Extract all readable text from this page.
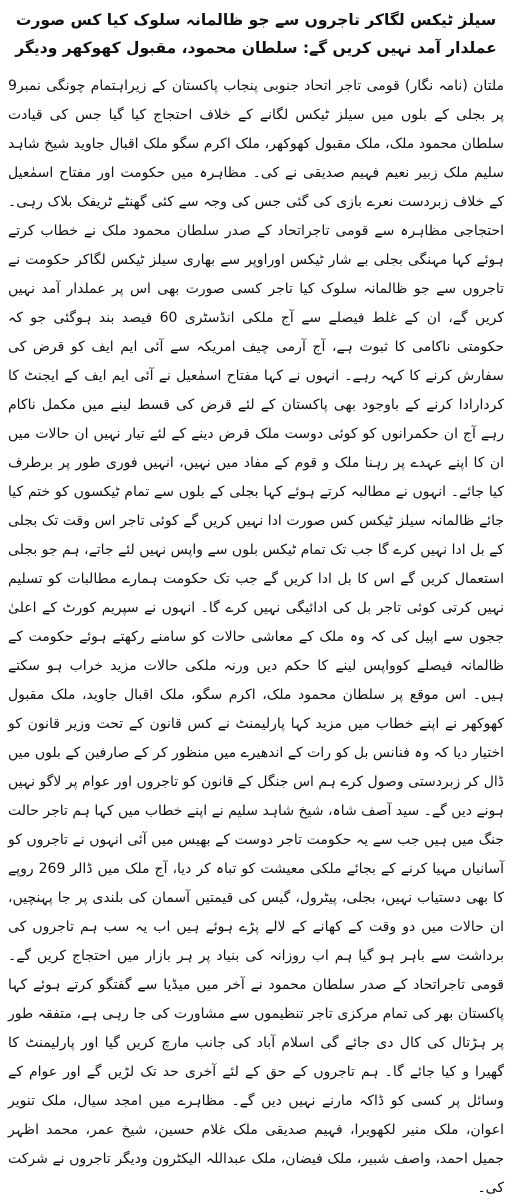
سیلز ٹیکس لگاکر تاجروں سے جو ظالمانہ سلوک کیا کس صورت عملدار آمد نہیں کریں گے: سلطان محمود، مقبول کھوکھر ودیگر

ملتان (نامہ نگار) قومی تاجر اتحاد جنوبی پنجاب پاکستان کے زیراہتمام چونگی نمبر9 پر بجلی کے بلوں میں سیلز ٹیکس لگانے کے خلاف احتجاج کیا گیا جس کی قیادت سلطان محمود ملک، ملک مقبول کھوکھر، ملک اکرم سگو ملک اقبال جاوید شیخ شاہد سلیم ملک زبیر نعیم فہیم صدیقی نے کی۔ مظاہرہ میں حکومت اور مفتاح اسمٰعیل کے خلاف زبردست نعرے بازی کی گئی جس کی وجہ سے کئی گھنٹے ٹریفک بلاک رہی۔ احتجاجی مظاہرہ سے قومی تاجراتحاد کے صدر سلطان محمود ملک نے خطاب کرتے ہوئے کہا مہنگی بجلی بے شار ٹیکس اوراوپر سے بھاری سیلز ٹیکس لگاکر حکومت نے تاجروں سے جو ظالمانہ سلوک کیا تاجر کسی صورت بھی اس پر عملدار آمد نہیں کریں گے، ان کے غلط فیصلے سے آج ملکی انڈسٹری 60 فیصد بند ہوگئی جو کہ حکومتی ناکامی کا ثبوت ہے، آج آرمی چیف امریکہ سے آئی ایم ایف کو قرض کی سفارش کرنے کا کہہ رہے۔ انہوں نے کہا مفتاح اسمٰعیل نے آئی ایم ایف کے ایجنٹ کا کردارادا کرنے کے باوجود بھی پاکستان کے لئے قرض کی قسط لینے میں مکمل ناکام رہے آج ان حکمرانوں کو کوئی دوست ملک قرض دینے کے لئے تیار نہیں ان حالات میں ان کا اپنے عہدے پر رہنا ملک و قوم کے مفاد میں نہیں، انہیں فوری طور پر برطرف کیا جائے۔ انہوں نے مطالبہ کرتے ہوئے کہا بجلی کے بلوں سے تمام ٹیکسوں کو ختم کیا جائے ظالمانہ سیلز ٹیکس کس صورت ادا نہیں کریں گے کوئی تاجر اس وقت تک بجلی کے بل ادا نہیں کرے گا جب تک تمام ٹیکس بلوں سے واپس نہیں لئے جاتے، ہم جو بجلی استعمال کریں گے اس کا بل ادا کریں گے جب تک حکومت ہمارے مطالبات کو تسلیم نہیں کرتی کوئی تاجر بل کی ادائیگی نہیں کرے گا۔ انہوں نے سپریم کورٹ کے اعلیٰ ججوں سے اپیل کی کہ وہ ملک کے معاشی حالات کو سامنے رکھتے ہوئے حکومت کے ظالمانہ فیصلے کوواپس لینے کا حکم دیں ورنہ ملکی حالات مزید خراب ہو سکتے ہیں۔ اس موقع پر سلطان محمود ملک، اکرم سگو، ملک اقبال جاوید، ملک مقبول کھوکھر نے اپنے خطاب میں مزید کہا پارلیمنٹ نے کس قانون کے تحت وزیر قانون کو اختیار دیا کہ وہ فنانس بل کو رات کے اندھیرے میں منظور کر کے صارفین کے بلوں میں ڈال کر زبردستی وصول کرے ہم اس جنگل کے قانون کو تاجروں اور عوام پر لاگو نہیں ہونے دیں گے۔ سید آصف شاہ، شیخ شاہد سلیم نے اپنے خطاب میں کہا ہم تاجر حالت جنگ میں ہیں جب سے یہ حکومت تاجر دوست کے بھیس میں آئی انہوں نے تاجروں کو آسانیاں مہیا کرنے کے بجائے ملکی معیشت کو تباہ کر دیا، آج ملک میں ڈالر 269 روپے کا بھی دستیاب نہیں، بجلی، پیٹرول، گیس کی قیمتیں آسمان کی بلندی پر جا پہنچیں، ان حالات میں دو وقت کے کھانے کے لالے پڑے ہوئے ہیں اب یہ سب ہم تاجروں کی برداشت سے باہر ہو گیا ہم اب روزانہ کی بنیاد پر ہر بازار میں احتجاج کریں گے۔ قومی تاجراتحاد کے صدر سلطان محمود نے آخر میں میڈیا سے گفتگو کرتے ہوئے کہا پاکستان بھر کی تمام مرکزی تاجر تنظیموں سے مشاورت کی جا رہی ہے، متفقہ طور پر ہڑتال کی کال دی جائے گی اسلام آباد کی جانب مارچ کریں گیا اور پارلیمنٹ کا گھیرا و کیا جائے گا۔ ہم تاجروں کے حق کے لئے آخری حد تک لڑیں گے اور عوام کے وسائل پر کسی کو ڈاکہ مارنے نہیں دیں گے۔ مظاہرے میں امجد سیال، ملک تنویر اعوان، ملک منیر لکھویرا، فہیم صدیقی ملک غلام حسین، شیخ عمر، محمد اظہر جمیل احمد، واصف شبیر، ملک فیضان، ملک عبداللہ الیکٹرون ودیگر تاجروں نے شرکت کی۔
